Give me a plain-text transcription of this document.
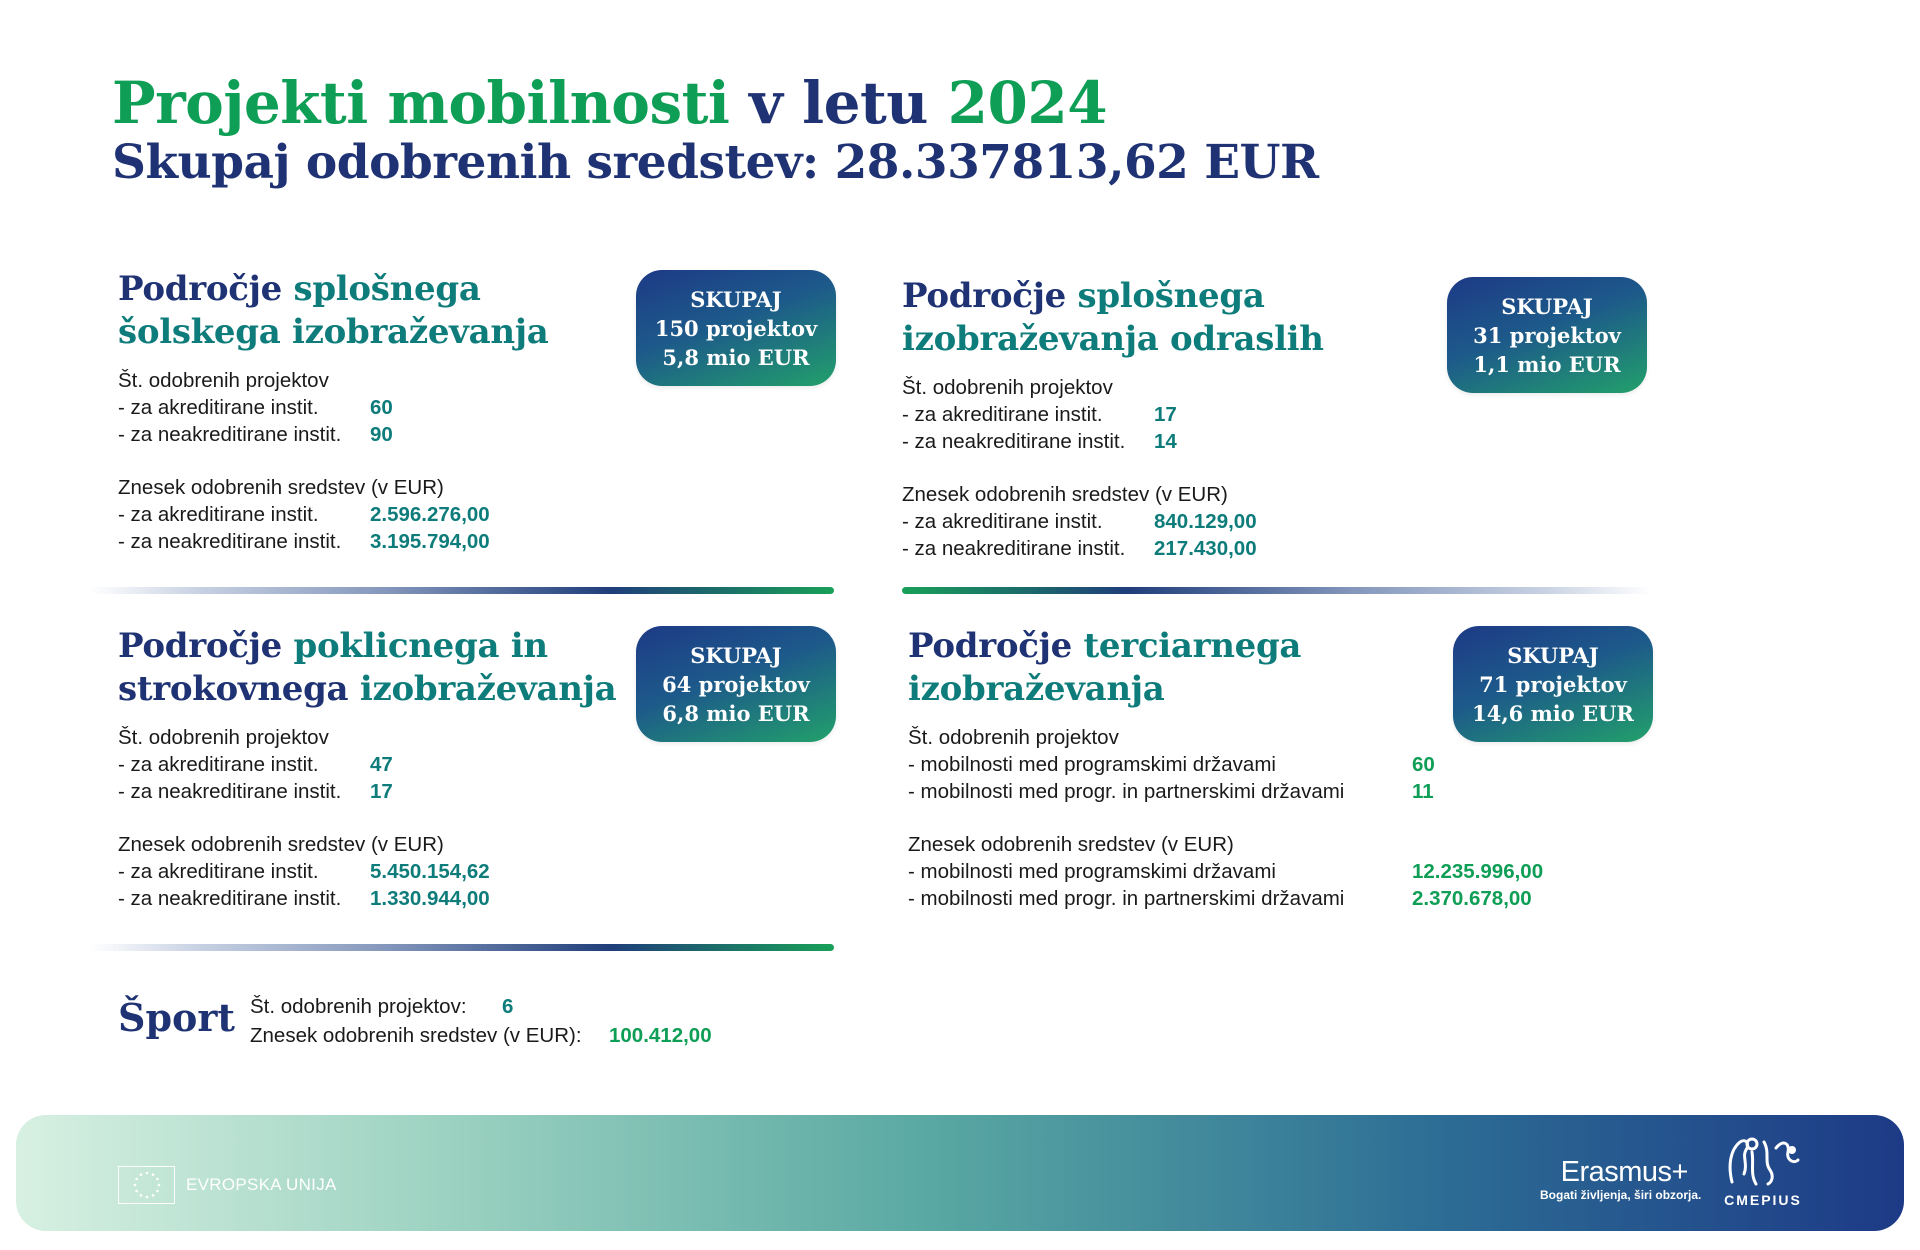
Projekti mobilnosti v letu 2024
Skupaj odobrenih sredstev: 28.337813,62 EUR
Področje splošnega
šolskega izobraževanja
SKUPAJ
150 projektov
5,8 mio EUR
Št. odobrenih projektov
- za akreditirane instit.	60
- za neakreditirane instit. 90
Znesek odobrenih sredstev (v EUR)
- za akreditirane instit.	2.596.276,00
- za neakreditirane instit. 3.195.794,00
Področje splošnega
izobraževanja odraslih
SKUPAJ
31 projektov
1,1 mio EUR
Št. odobrenih projektov
- za akreditirane instit.	17
- za neakreditirane instit. 14
Znesek odobrenih sredstev (v EUR)
- za akreditirane instit.	840.129,00
- za neakreditirane instit. 217.430,00
Področje poklicnega in
strokovnega izobraževanja
SKUPAJ
64 projektov
6,8 mio EUR
Št. odobrenih projektov
- za akreditirane instit.	47
- za neakreditirane instit. 17
Znesek odobrenih sredstev (v EUR)
- za akreditirane instit.	5.450.154,62
- za neakreditirane instit. 1.330.944,00
Področje terciarnega
izobraževanja
SKUPAJ
71 projektov
14,6 mio EUR
Št. odobrenih projektov
- mobilnosti med programskimi državami	60
- mobilnosti med progr. in partnerskimi državami	11
Znesek odobrenih sredstev (v EUR)
- mobilnosti med programskimi državami	12.235.996,00
- mobilnosti med progr. in partnerskimi državami	2.370.678,00
Šport Št. odobrenih projektov: 6
Znesek odobrenih sredstev (v EUR): 100.412,00
EVROPSKA UNIJA	Erasmus+
Bogati življenja, širi obzorja.	CMEPIUS
